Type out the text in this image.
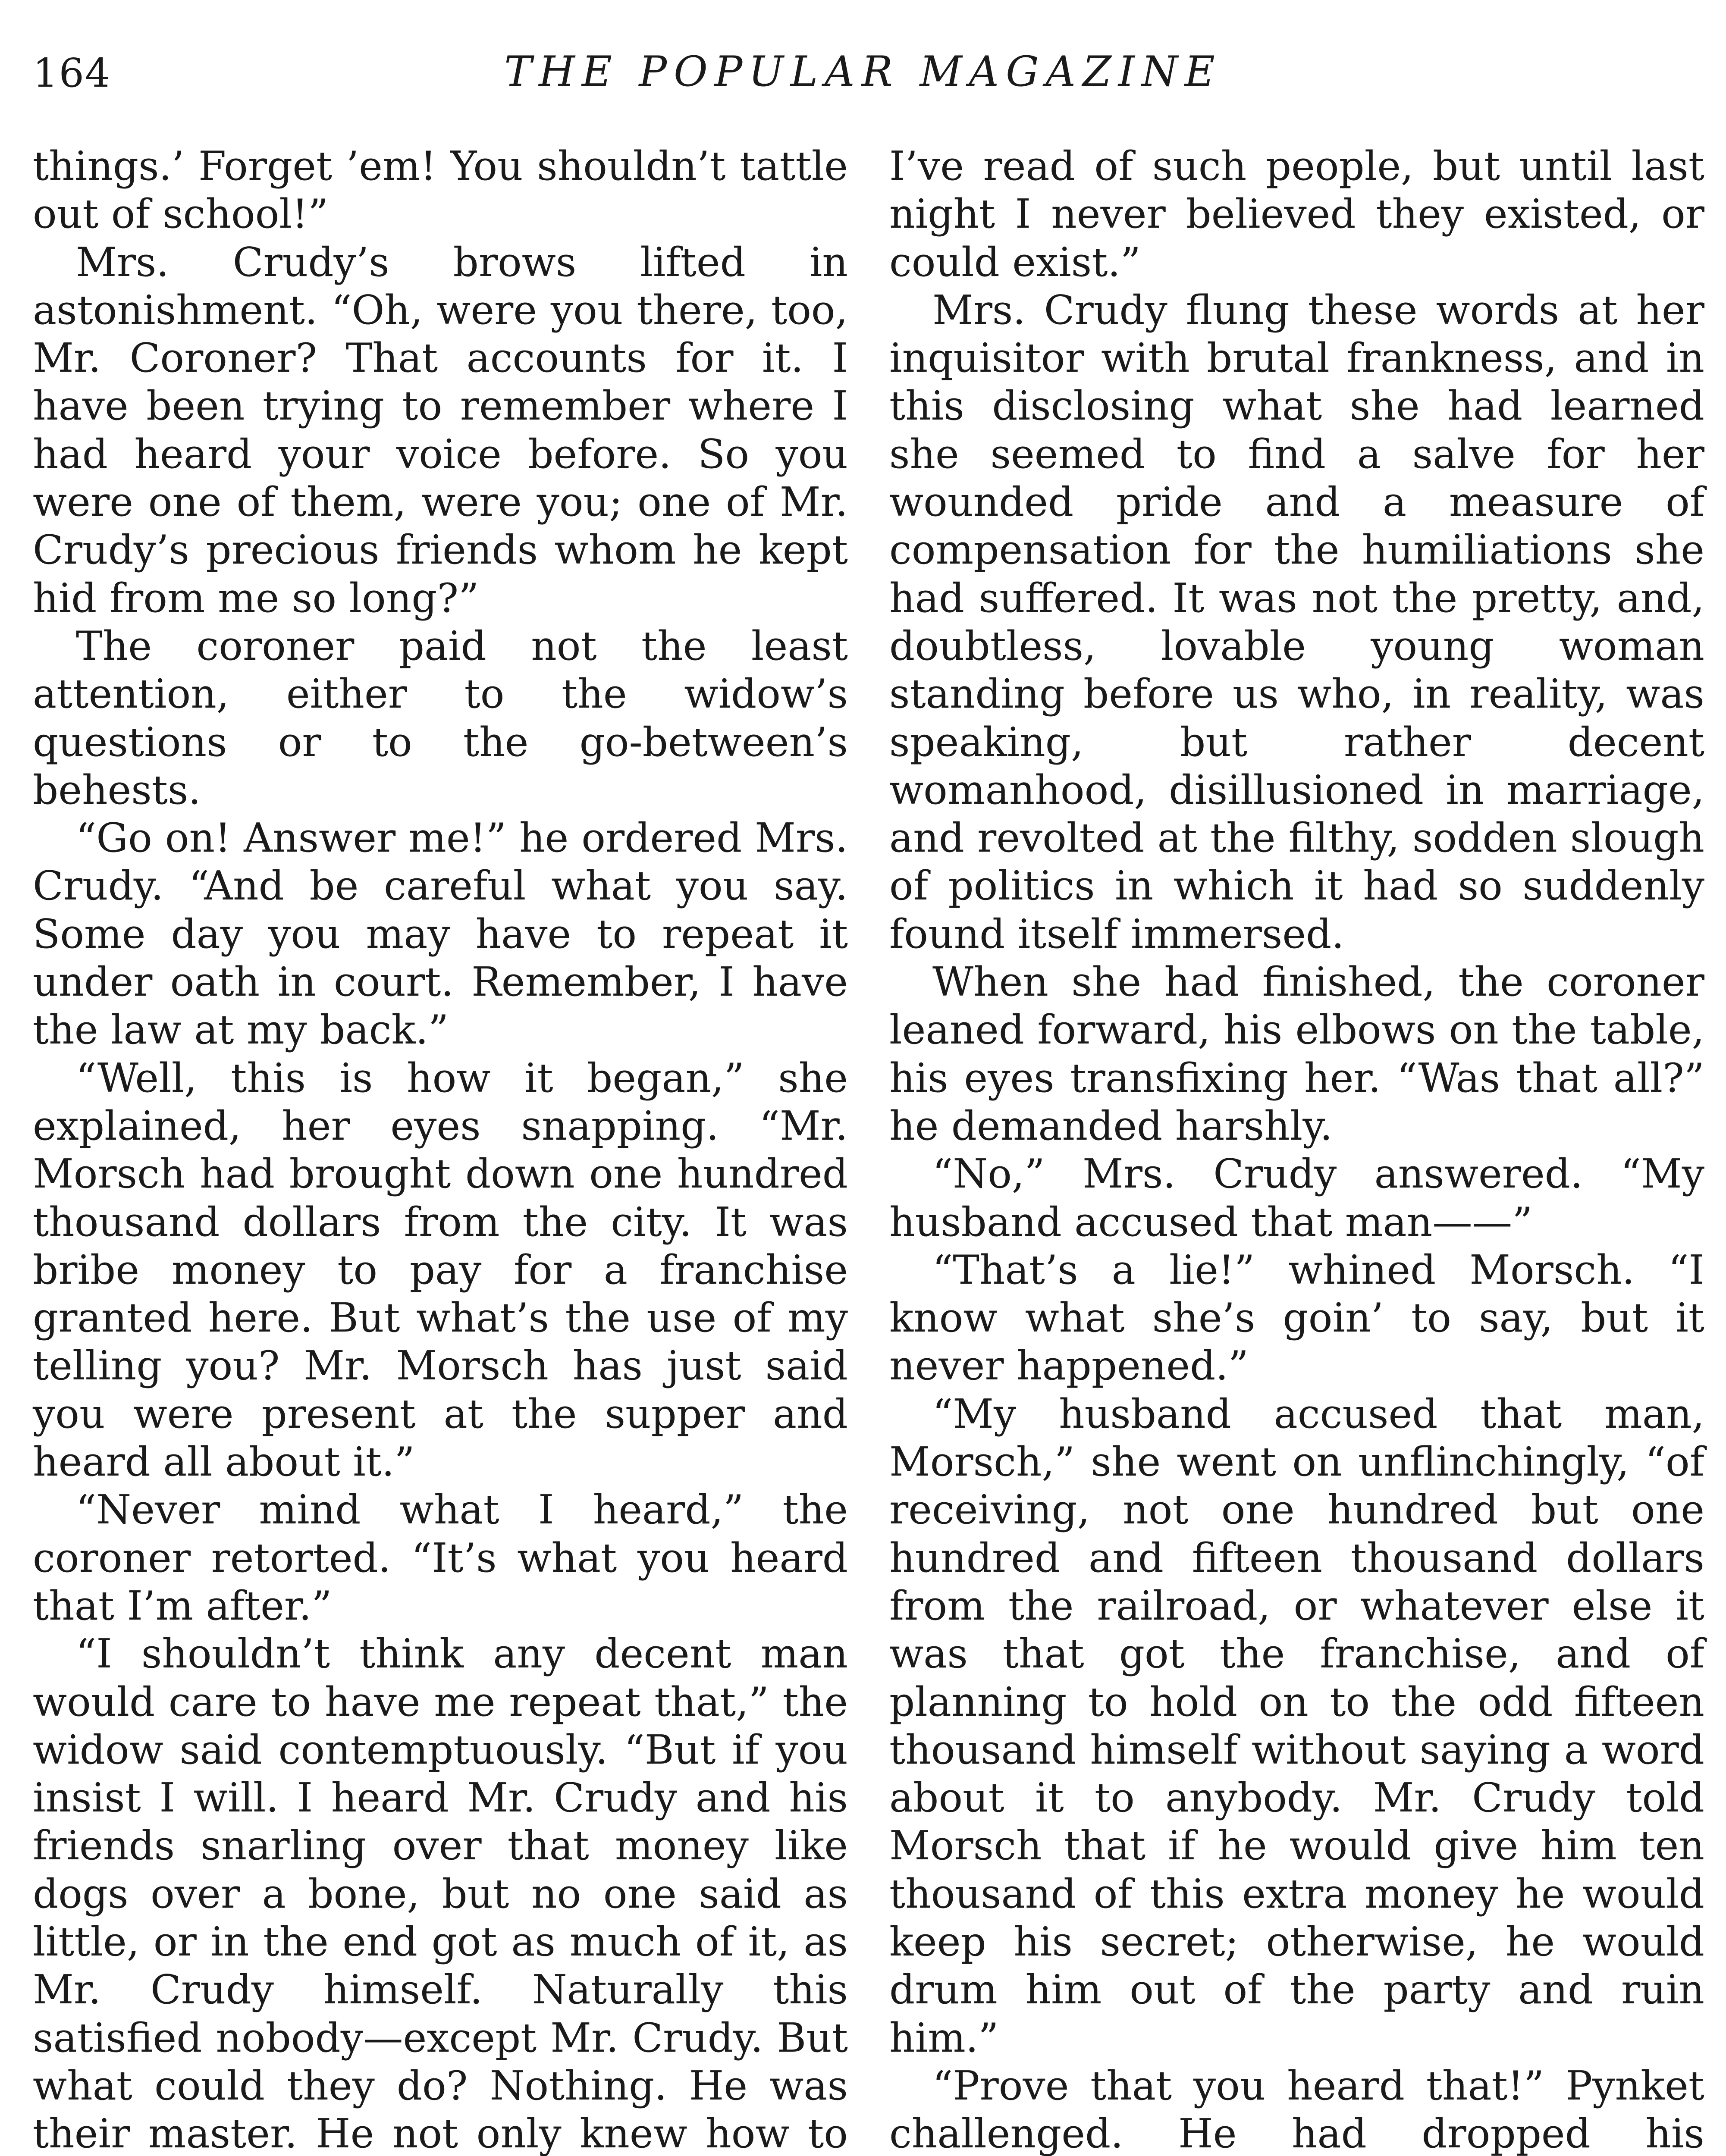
164	THE POPULAR MAGAZINE

things.’ Forget ’em! You shouldn’t tattle out of school!”

Mrs. Crudy’s brows lifted in astonishment. “Oh, were you there, too, Mr. Coroner? That accounts for it. I have been trying to remember where I had heard your voice before. So you were one of them, were you; one of Mr. Crudy’s precious friends whom he kept hid from me so long?”

The coroner paid not the least attention, either to the widow’s questions or to the go-between’s behests.

“Go on! Answer me!” he ordered Mrs. Crudy. “And be careful what you say. Some day you may have to repeat it under oath in court. Remember, I have the law at my back.”

“Well, this is how it began,” she explained, her eyes snapping. “Mr. Morsch had brought down one hundred thousand dollars from the city. It was bribe money to pay for a franchise granted here. But what’s the use of my telling you? Mr. Morsch has just said you were present at the supper and heard all about it.”

“Never mind what I heard,” the coroner retorted. “It’s what you heard that I’m after.”

“I shouldn’t think any decent man would care to have me repeat that,” the widow said contemptuously. “But if you insist I will. I heard Mr. Crudy and his friends snarling over that money like dogs over a bone, but no one said as little, or in the end got as much of it, as Mr. Crudy himself. Naturally this satisfied nobody—except Mr. Crudy. But what could they do? Nothing. He was their master. He not only knew how to

I’ve read of such people, but until last night I never believed they existed, or could exist.”

Mrs. Crudy flung these words at her inquisitor with brutal frankness, and in this disclosing what she had learned she seemed to find a salve for her wounded pride and a measure of compensation for the humiliations she had suffered. It was not the pretty, and, doubtless, lovable young woman standing before us who, in reality, was speaking, but rather decent womanhood, disillusioned in marriage, and revolted at the filthy, sodden slough of politics in which it had so suddenly found itself immersed.

When she had finished, the coroner leaned forward, his elbows on the table, his eyes transfixing her. “Was that all?” he demanded harshly.

“No,” Mrs. Crudy answered. “My husband accused that man——”

“That’s a lie!” whined Morsch. “I know what she’s goin’ to say, but it never happened.”

“My husband accused that man, Morsch,” she went on unflinchingly, “of receiving, not one hundred but one hundred and fifteen thousand dollars from the railroad, or whatever else it was that got the franchise, and of planning to hold on to the odd fifteen thousand himself without saying a word about it to anybody. Mr. Crudy told Morsch that if he would give him ten thousand of this extra money he would keep his secret; otherwise, he would drum him out of the party and ruin him.”

“Prove that you heard that!” Pynket challenged. He had dropped his
